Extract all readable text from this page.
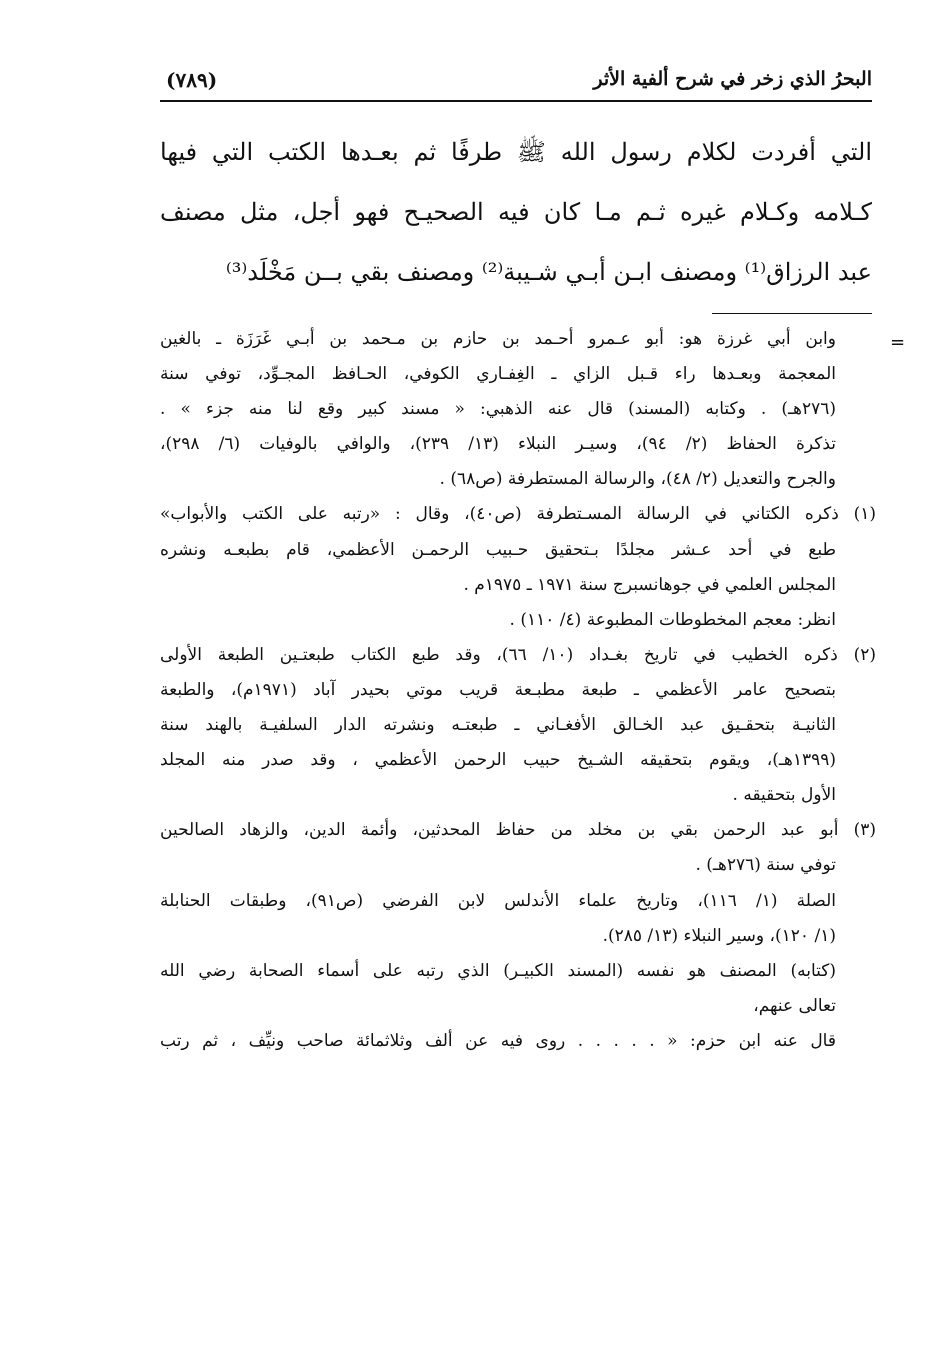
البحرُ الذي زخر في شرح ألفية الأثر
(٧٨٩)
التي أفردت لكلام رسول الله ﷺ طرفًا ثم بعـدها الكتب التي فيها
كـلامه وكـلام غيره ثـم مـا كان فيه الصحيـح فهو أجل، مثل مصنف
عبد الرزاق⁽¹⁾ ومصنف ابـن أبـي شـيبة⁽²⁾ ومصنف بقي بــن مَخْلَد⁽³⁾
=
وابن أبي غرزة هو: أبو عـمرو أحـمد بن حازم بن مـحمد بن أبـي غَرَزَة ـ بالغين
المعجمة وبعـدها راء قـبل الزاي ـ الغِفـاري الكوفي، الحـافظ المجـوِّد، توفي سنة
(٢٧٦هـ) . وكتابه (المسند) قال عنه الذهبي: « مسند كبير وقع لنا منه جزء » .
تذكرة الحفاظ (٢/ ٩٤)، وسيـر النبلاء (١٣/ ٢٣٩)، والوافي بالوفيات (٦/ ٢٩٨)،
والجرح والتعديل (٢/ ٤٨)، والرسالة المستطرفة (ص٦٨) .
(١) ذكره الكتاني في الرسالة المسـتطرفة (ص٤٠)، وقال : «رتبه على الكتب والأبواب»
طبع في أحد عـشر مجلدًا بـتحقيق حـبيب الرحمـن الأعظمي، قام بطبعـه ونشره
المجلس العلمي في جوهانسبرج سنة ١٩٧١ ـ ١٩٧٥م .
انظر: معجم المخطوطات المطبوعة (٤/ ١١٠) .
(٢) ذكره الخطيب في تاريخ بغـداد (١٠/ ٦٦)، وقد طبع الكتاب طبعتـين الطبعة الأولى
بتصحيح عامر الأعظمي ـ طبعة مطبـعة قريب موتي بحيدر آباد (١٩٧١م)، والطبعة
الثانيـة بتحقـيق عبد الخـالق الأفغـاني ـ طبعتـه ونشرته الدار السلفيـة بالهند سنة
(١٣٩٩هـ)، ويقوم بتحقيقه الشـيخ حبيب الرحمن الأعظمي ، وقد صدر منه المجلد
الأول بتحقيقه .
(٣) أبو عبد الرحمن بقي بن مخلد من حفاظ المحدثين، وأئمة الدين، والزهاد الصالحين
توفي سنة (٢٧٦هـ) .
الصلة (١/ ١١٦)، وتاريخ علماء الأندلس لابن الفرضي (ص٩١)، وطبقات الحنابلة
(١/ ١٢٠)، وسير النبلاء (١٣/ ٢٨٥).
(كتابه) المصنف هو نفسه (المسند الكبيـر) الذي رتبه على أسماء الصحابة رضي الله
تعالى عنهم،
قال عنه ابن حزم: « . . . . . روى فيه عن ألف وثلاثمائة صاحب ونيِّف ، ثم رتب
